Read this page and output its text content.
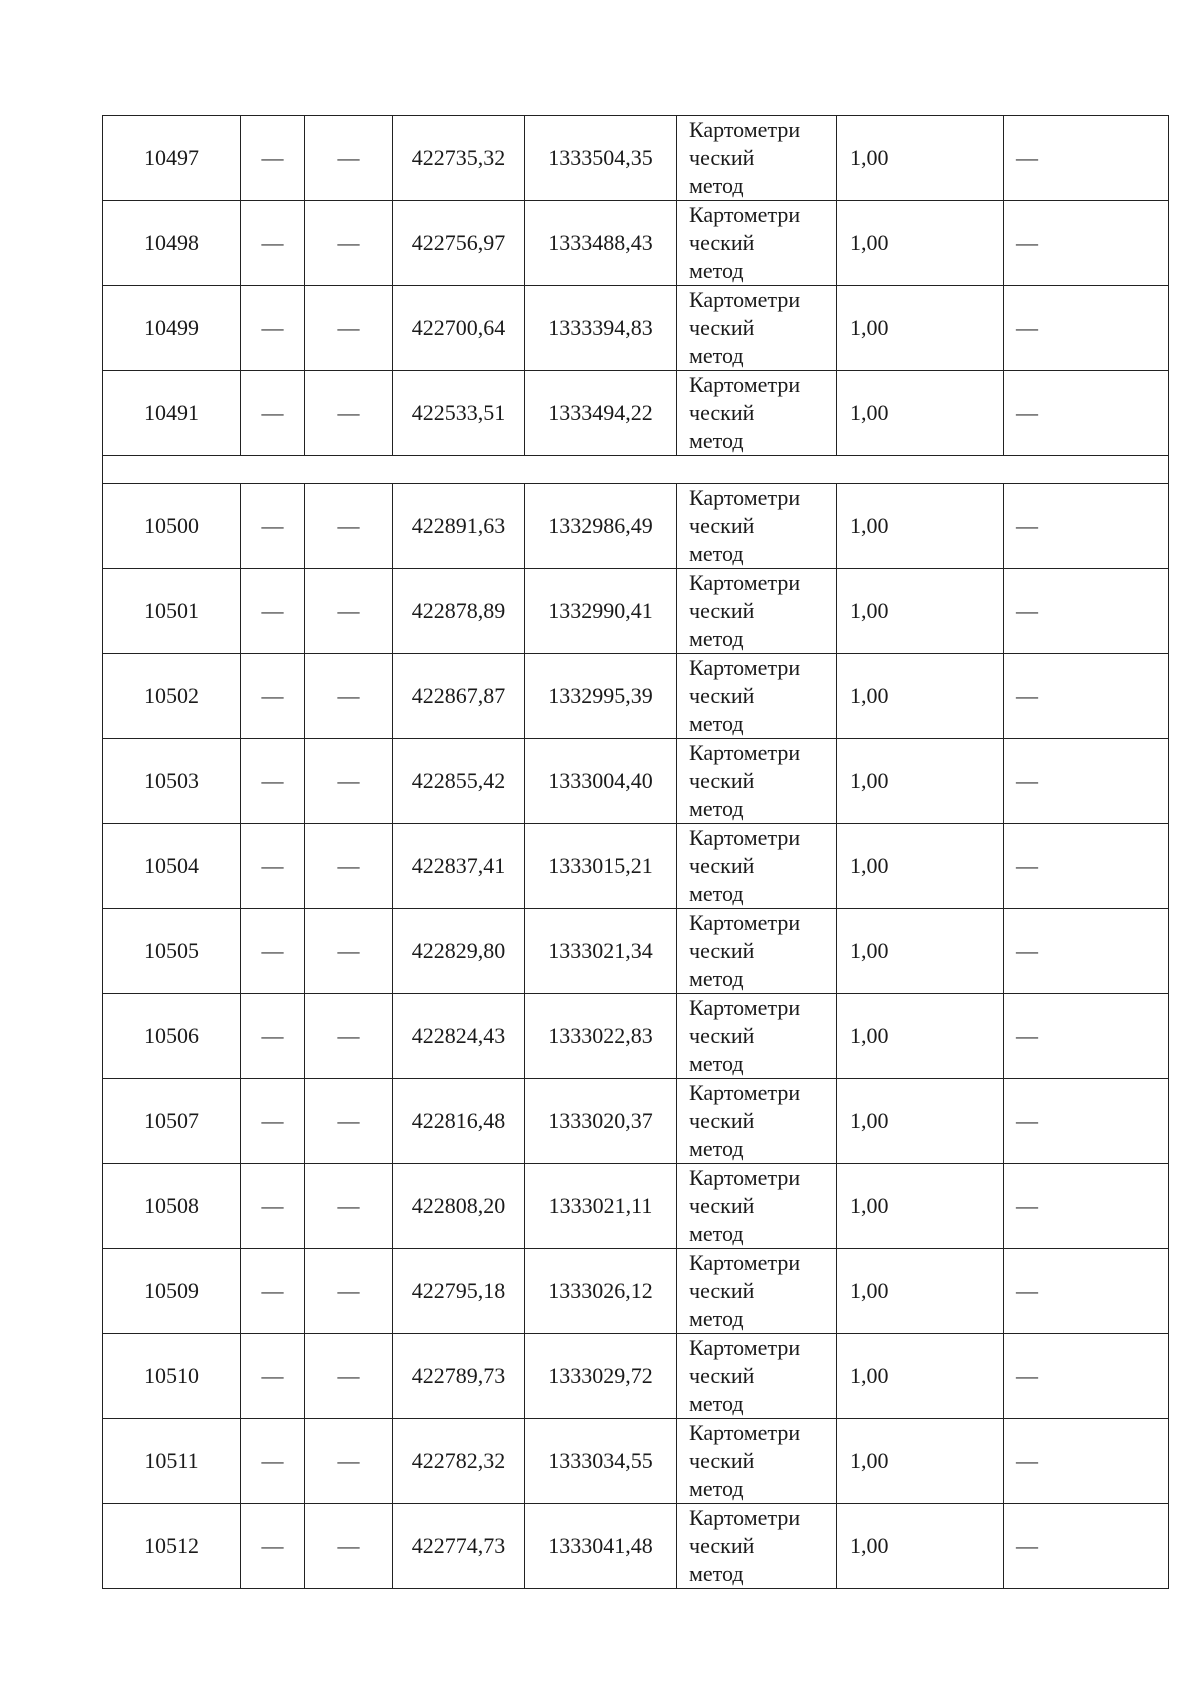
10497	—	—	422735,32	1333504,35	Картометри
ческий
метод	1,00	—
10498	—	—	422756,97	1333488,43	Картометри
ческий
метод	1,00	—
10499	—	—	422700,64	1333394,83	Картометри
ческий
метод	1,00	—
10491	—	—	422533,51	1333494,22	Картометри
ческий
метод	1,00	—

10500	—	—	422891,63	1332986,49	Картометри
ческий
метод	1,00	—
10501	—	—	422878,89	1332990,41	Картометри
ческий
метод	1,00	—
10502	—	—	422867,87	1332995,39	Картометри
ческий
метод	1,00	—
10503	—	—	422855,42	1333004,40	Картометри
ческий
метод	1,00	—
10504	—	—	422837,41	1333015,21	Картометри
ческий
метод	1,00	—
10505	—	—	422829,80	1333021,34	Картометри
ческий
метод	1,00	—
10506	—	—	422824,43	1333022,83	Картометри
ческий
метод	1,00	—
10507	—	—	422816,48	1333020,37	Картометри
ческий
метод	1,00	—
10508	—	—	422808,20	1333021,11	Картометри
ческий
метод	1,00	—
10509	—	—	422795,18	1333026,12	Картометри
ческий
метод	1,00	—
10510	—	—	422789,73	1333029,72	Картометри
ческий
метод	1,00	—
10511	—	—	422782,32	1333034,55	Картометри
ческий
метод	1,00	—
10512	—	—	422774,73	1333041,48	Картометри
ческий
метод	1,00	—
